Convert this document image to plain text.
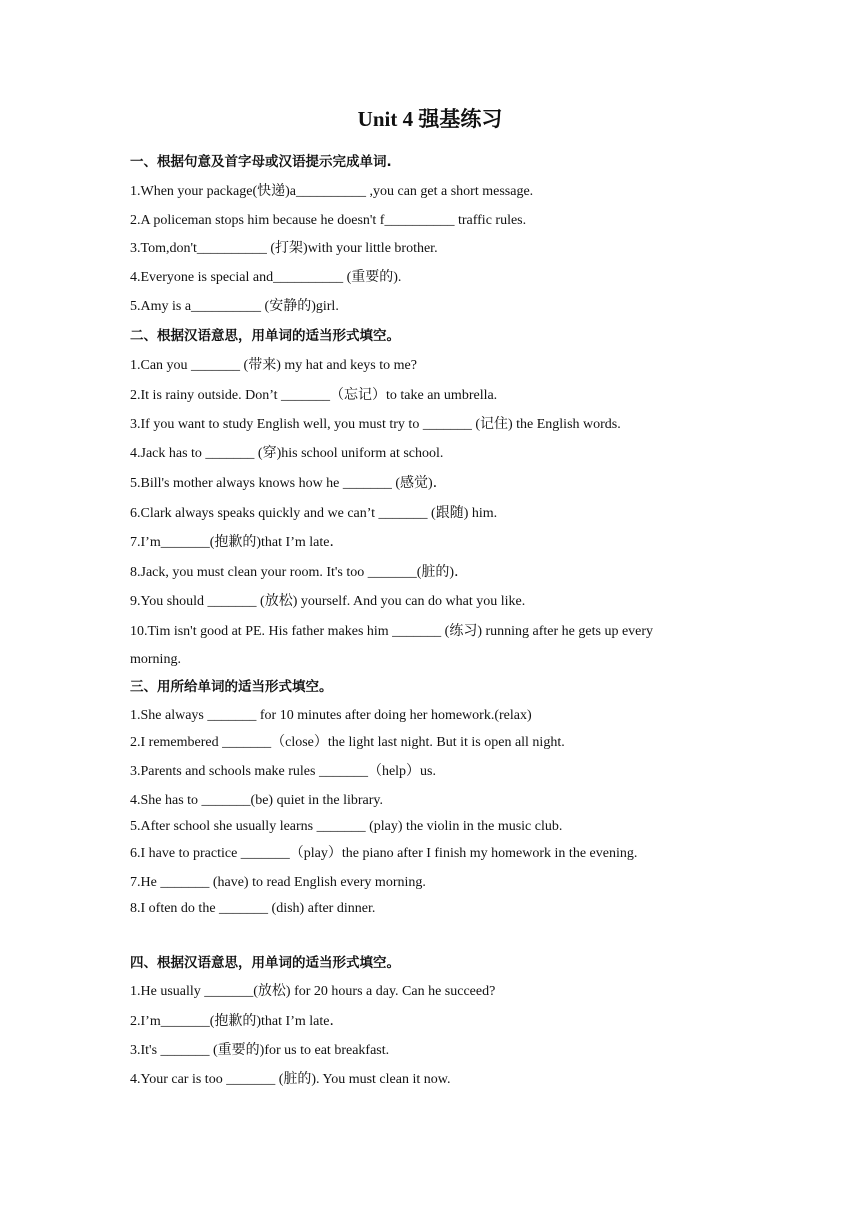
Unit 4 强基练习
一、根据句意及首字母或汉语提示完成单词.
1.When your package(快递)a__________ ,you can get a short message.
2.A policeman stops him because he doesn't f__________ traffic rules.
3.Tom,don't__________ (打架)with your little brother.
4.Everyone is special and__________ (重要的).
5.Amy is a__________ (安静的)girl.
二、根据汉语意思，用单词的适当形式填空。
1.Can you _______ (带来) my hat and keys to me?
2.It is rainy outside. Don’t _______（忘记）to take an umbrella.
3.If you want to study English well, you must try to _______ (记住) the English words.
4.Jack has to _______ (穿)his school uniform at school.
5.Bill's mother always knows how he _______ (感觉)．
6.Clark always speaks quickly and we can’t _______ (跟随) him.
7.I’m_______(抱歉的)that I’m late．
8.Jack, you must clean your room. It's too _______(脏的)．
9.You should _______ (放松) yourself. And you can do what you like.
10.Tim isn't good at PE. His father makes him _______ (练习) running after he gets up every
morning.
三、用所给单词的适当形式填空。
1.She always _______ for 10 minutes after doing her homework.(relax)
2.I remembered _______（close）the light last night. But it is open all night.
3.Parents and schools make rules _______（help）us.
4.She has to _______(be) quiet in the library.
5.After school she usually learns _______ (play) the violin in the music club.
6.I have to practice _______（play）the piano after I finish my homework in the evening.
7.He _______ (have) to read English every morning.
8.I often do the _______ (dish) after dinner.
四、根据汉语意思，用单词的适当形式填空。
1.He usually _______(放松) for 20 hours a day. Can he succeed?
2.I’m_______(抱歉的)that I’m late．
3.It's _______ (重要的)for us to eat breakfast.
4.Your car is too _______ (脏的). You must clean it now.
